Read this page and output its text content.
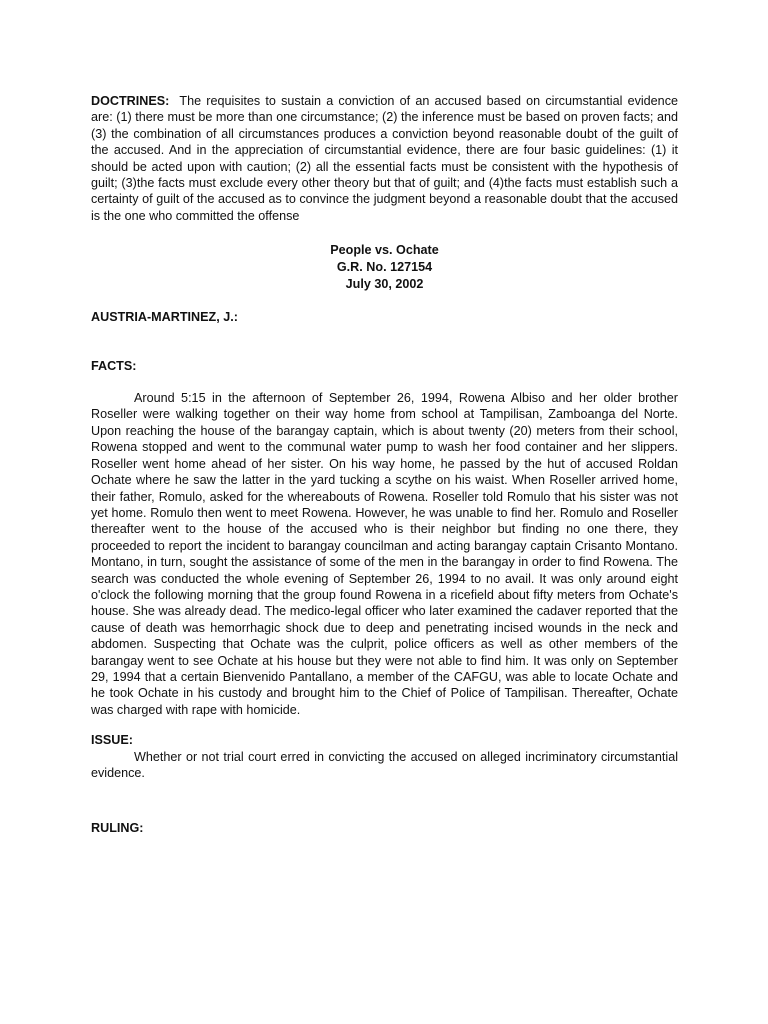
DOCTRINES: The requisites to sustain a conviction of an accused based on circumstantial evidence are: (1) there must be more than one circumstance; (2) the inference must be based on proven facts; and (3) the combination of all circumstances produces a conviction beyond reasonable doubt of the guilt of the accused. And in the appreciation of circumstantial evidence, there are four basic guidelines: (1) it should be acted upon with caution; (2) all the essential facts must be consistent with the hypothesis of guilt; (3)the facts must exclude every other theory but that of guilt; and (4)the facts must establish such a certainty of guilt of the accused as to convince the judgment beyond a reasonable doubt that the accused is the one who committed the offense

People vs. Ochate
G.R. No. 127154
July 30, 2002
AUSTRIA-MARTINEZ, J.:
FACTS:

Around 5:15 in the afternoon of September 26, 1994, Rowena Albiso and her older brother Roseller were walking together on their way home from school at Tampilisan, Zamboanga del Norte. Upon reaching the house of the barangay captain, which is about twenty (20) meters from their school, Rowena stopped and went to the communal water pump to wash her food container and her slippers. Roseller went home ahead of her sister. On his way home, he passed by the hut of accused Roldan Ochate where he saw the latter in the yard tucking a scythe on his waist. When Roseller arrived home, their father, Romulo, asked for the whereabouts of Rowena. Roseller told Romulo that his sister was not yet home. Romulo then went to meet Rowena. However, he was unable to find her. Romulo and Roseller thereafter went to the house of the accused who is their neighbor but finding no one there, they proceeded to report the incident to barangay councilman and acting barangay captain Crisanto Montano. Montano, in turn, sought the assistance of some of the men in the barangay in order to find Rowena. The search was conducted the whole evening of September 26, 1994 to no avail. It was only around eight o'clock the following morning that the group found Rowena in a ricefield about fifty meters from Ochate's house. She was already dead. The medico-legal officer who later examined the cadaver reported that the cause of death was hemorrhagic shock due to deep and penetrating incised wounds in the neck and abdomen. Suspecting that Ochate was the culprit, police officers as well as other members of the barangay went to see Ochate at his house but they were not able to find him. It was only on September 29, 1994 that a certain Bienvenido Pantallano, a member of the CAFGU, was able to locate Ochate and he took Ochate in his custody and brought him to the Chief of Police of Tampilisan. Thereafter, Ochate was charged with rape with homicide.

ISSUE:

Whether or not trial court erred in convicting the accused on alleged incriminatory circumstantial evidence.

RULING:
